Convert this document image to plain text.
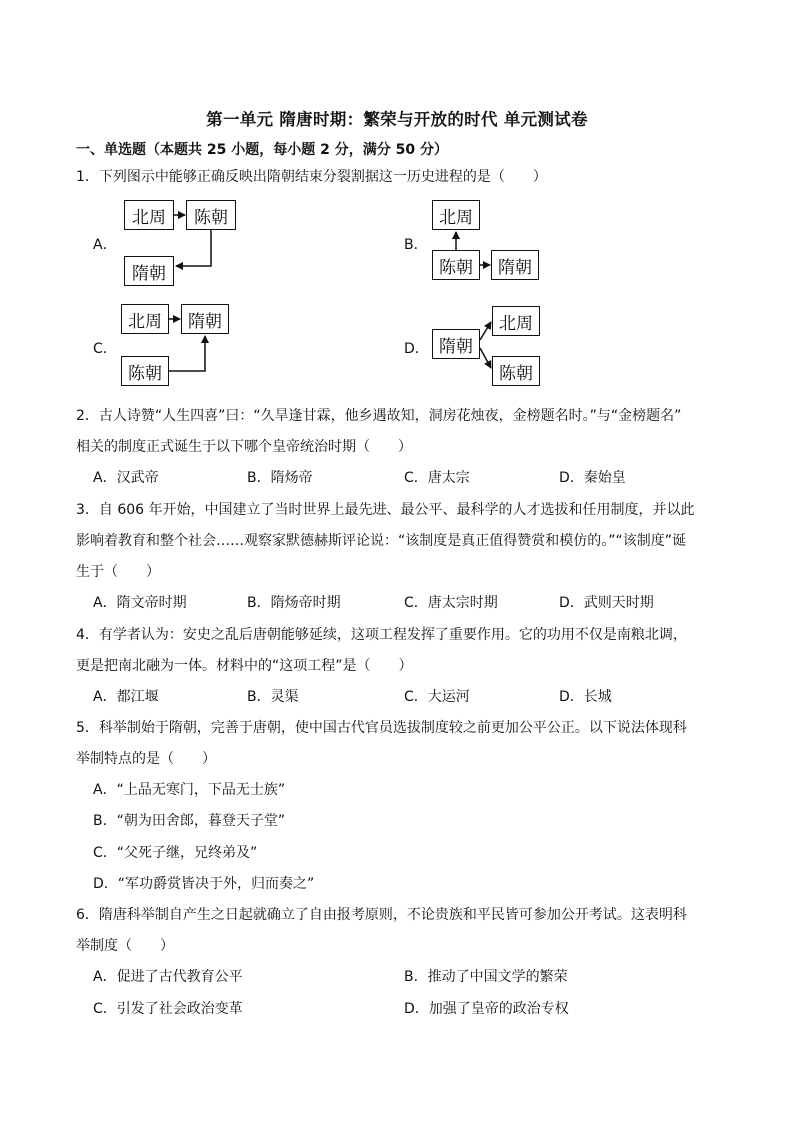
第一单元 隋唐时期：繁荣与开放的时代 单元测试卷
一、单选题（本题共 25 小题，每小题 2 分，满分 50 分）
1．下列图示中能够正确反映出隋朝结束分裂割据这一历史进程的是（　　）
A．
北周	陈朝
隋朝
B．
北周
陈朝	隋朝
C．
北周	隋朝
陈朝
D． 隋朝
北周
陈朝
2．古人诗赞“人生四喜”曰：“久旱逢甘霖，他乡遇故知，洞房花烛夜，金榜题名时。”与“金榜题名”
相关的制度正式诞生于以下哪个皇帝统治时期（　　）
A．汉武帝	B．隋炀帝	C．唐太宗	D．秦始皇
3．自 606 年开始，中国建立了当时世界上最先进、最公平、最科学的人才选拔和任用制度，并以此
影响着教育和整个社会……观察家默德赫斯评论说：“该制度是真正值得赞赏和模仿的。”“该制度”诞
生于（　　）
A．隋文帝时期	B．隋炀帝时期	C．唐太宗时期	D．武则天时期
4．有学者认为：安史之乱后唐朝能够延续，这项工程发挥了重要作用。它的功用不仅是南粮北调，
更是把南北融为一体。材料中的“这项工程”是（　　）
A．都江堰	B．灵渠	C．大运河	D．长城
5．科举制始于隋朝，完善于唐朝，使中国古代官员选拔制度较之前更加公平公正。以下说法体现科
举制特点的是（　　）
A．“上品无寒门，下品无士族”
B．“朝为田舍郎，暮登天子堂”
C．“父死子继，兄终弟及”
D．“军功爵赏皆决于外，归而奏之”
6．隋唐科举制自产生之日起就确立了自由报考原则，不论贵族和平民皆可参加公开考试。这表明科
举制度（　　）
A．促进了古代教育公平	B．推动了中国文学的繁荣
C．引发了社会政治变革	D．加强了皇帝的政治专权
